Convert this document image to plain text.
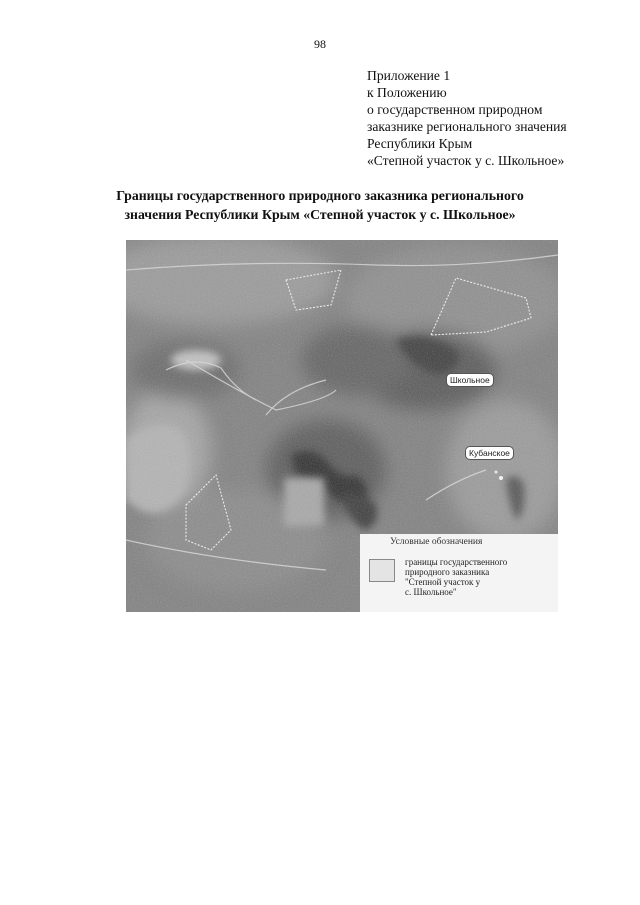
98
Приложение 1
к Положению
о государственном природном
заказнике регионального значения
Республики Крым
«Степной участок у с. Школьное»
Границы государственного природного заказника регионального
значения Республики Крым «Степной участок у с. Школьное»
Школьное
Кубанское
Условные обозначения
границы государственного
природного заказника
"Степной участок у
с. Школьное"
